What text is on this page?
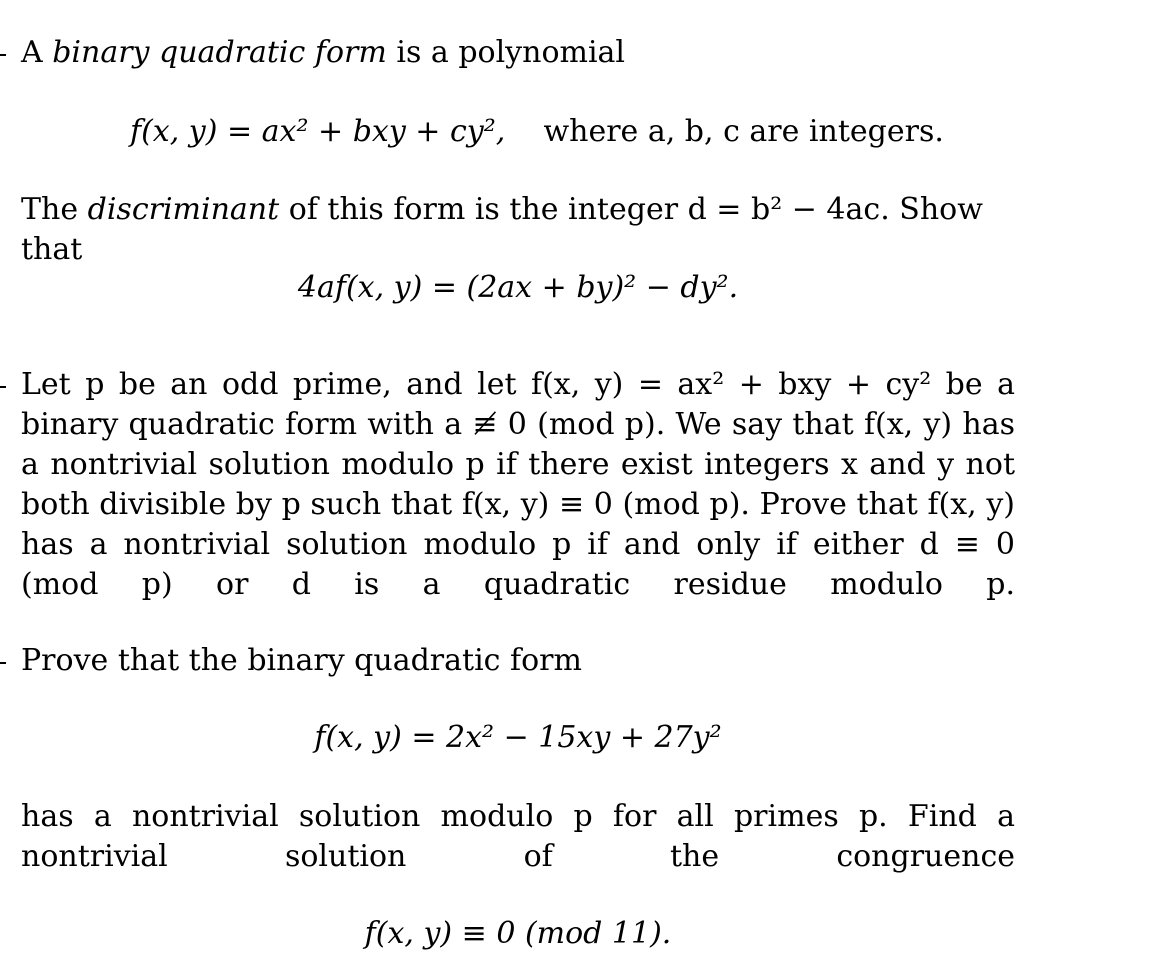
A binary quadratic form is a polynomial

f(x, y) = ax² + bxy + cy², where a, b, c are integers.

The discriminant of this form is the integer d = b² − 4ac. Show that

4af(x, y) = (2ax + by)² − dy².

Let p be an odd prime, and let f(x, y) = ax² + bxy + cy² be a binary quadratic form with a ≢ 0 (mod p). We say that f(x, y) has a nontrivial solution modulo p if there exist integers x and y not both divisible by p such that f(x, y) ≡ 0 (mod p). Prove that f(x, y) has a nontrivial solution modulo p if and only if either d ≡ 0 (mod p) or d is a quadratic residue modulo p.

Prove that the binary quadratic form

f(x, y) = 2x² − 15xy + 27y²

has a nontrivial solution modulo p for all primes p. Find a nontrivial solution of the congruence

f(x, y) ≡ 0 (mod 11).
